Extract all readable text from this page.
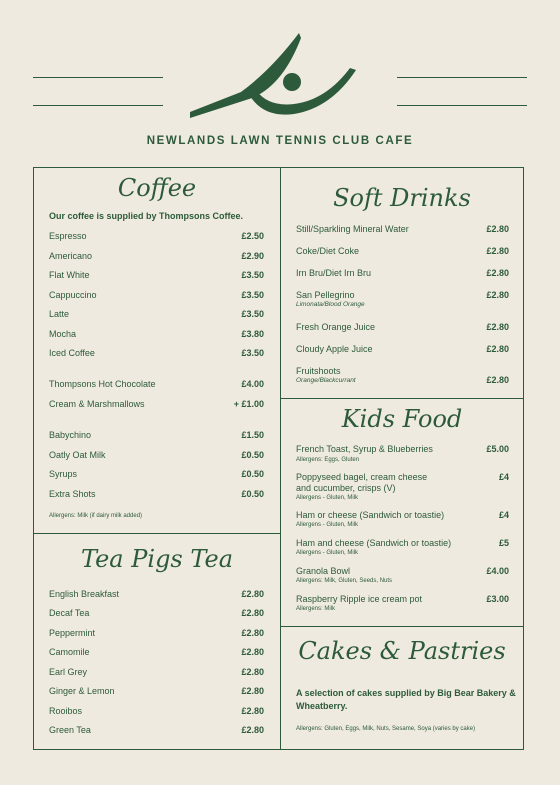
NEWLANDS LAWN TENNIS CLUB CAFE
Coffee
Our coffee is supplied by Thompsons Coffee.
Espresso	£2.50
Americano	£2.90
Flat White	£3.50
Cappuccino	£3.50
Latte	£3.50
Mocha	£3.80
Iced Coffee	£3.50
Thompsons Hot Chocolate	£4.00
Cream & Marshmallows	+ £1.00
Babychino	£1.50
Oatly Oat Milk	£0.50
Syrups	£0.50
Extra Shots	£0.50
Allergens: Milk (if dairy milk added)
Tea Pigs Tea
English Breakfast	£2.80
Decaf Tea	£2.80
Peppermint	£2.80
Camomile	£2.80
Earl Grey	£2.80
Ginger & Lemon	£2.80
Rooibos	£2.80
Green Tea	£2.80
Soft Drinks
Still/Sparkling Mineral Water	£2.80
Coke/Diet Coke	£2.80
Irn Bru/Diet Irn Bru	£2.80
San Pellegrino	£2.80
Limonata/Blood Orange
Fresh Orange Juice	£2.80
Cloudy Apple Juice	£2.80
Fruitshoots
Orange/Blackcurrant	£2.80
Kids Food
French Toast, Syrup & Blueberries	£5.00
Allergens: Eggs, Gluten
Poppyseed bagel, cream cheese	£4
and cucumber, crisps (V)
Allergens - Gluten, Milk
Ham or cheese (Sandwich or toastie)	£4
Allergens - Gluten, Milk
Ham and cheese (Sandwich or toastie)	£5
Allergens - Gluten, Milk
Granola Bowl	£4.00
Allergens: Milk, Gluten, Seeds, Nuts
Raspberry Ripple ice cream pot	£3.00
Allergens: Milk
Cakes & Pastries
A selection of cakes supplied by Big Bear Bakery &
Wheatberry.
Allergens: Gluten, Eggs, Milk, Nuts, Sesame, Soya (varies by cake)
